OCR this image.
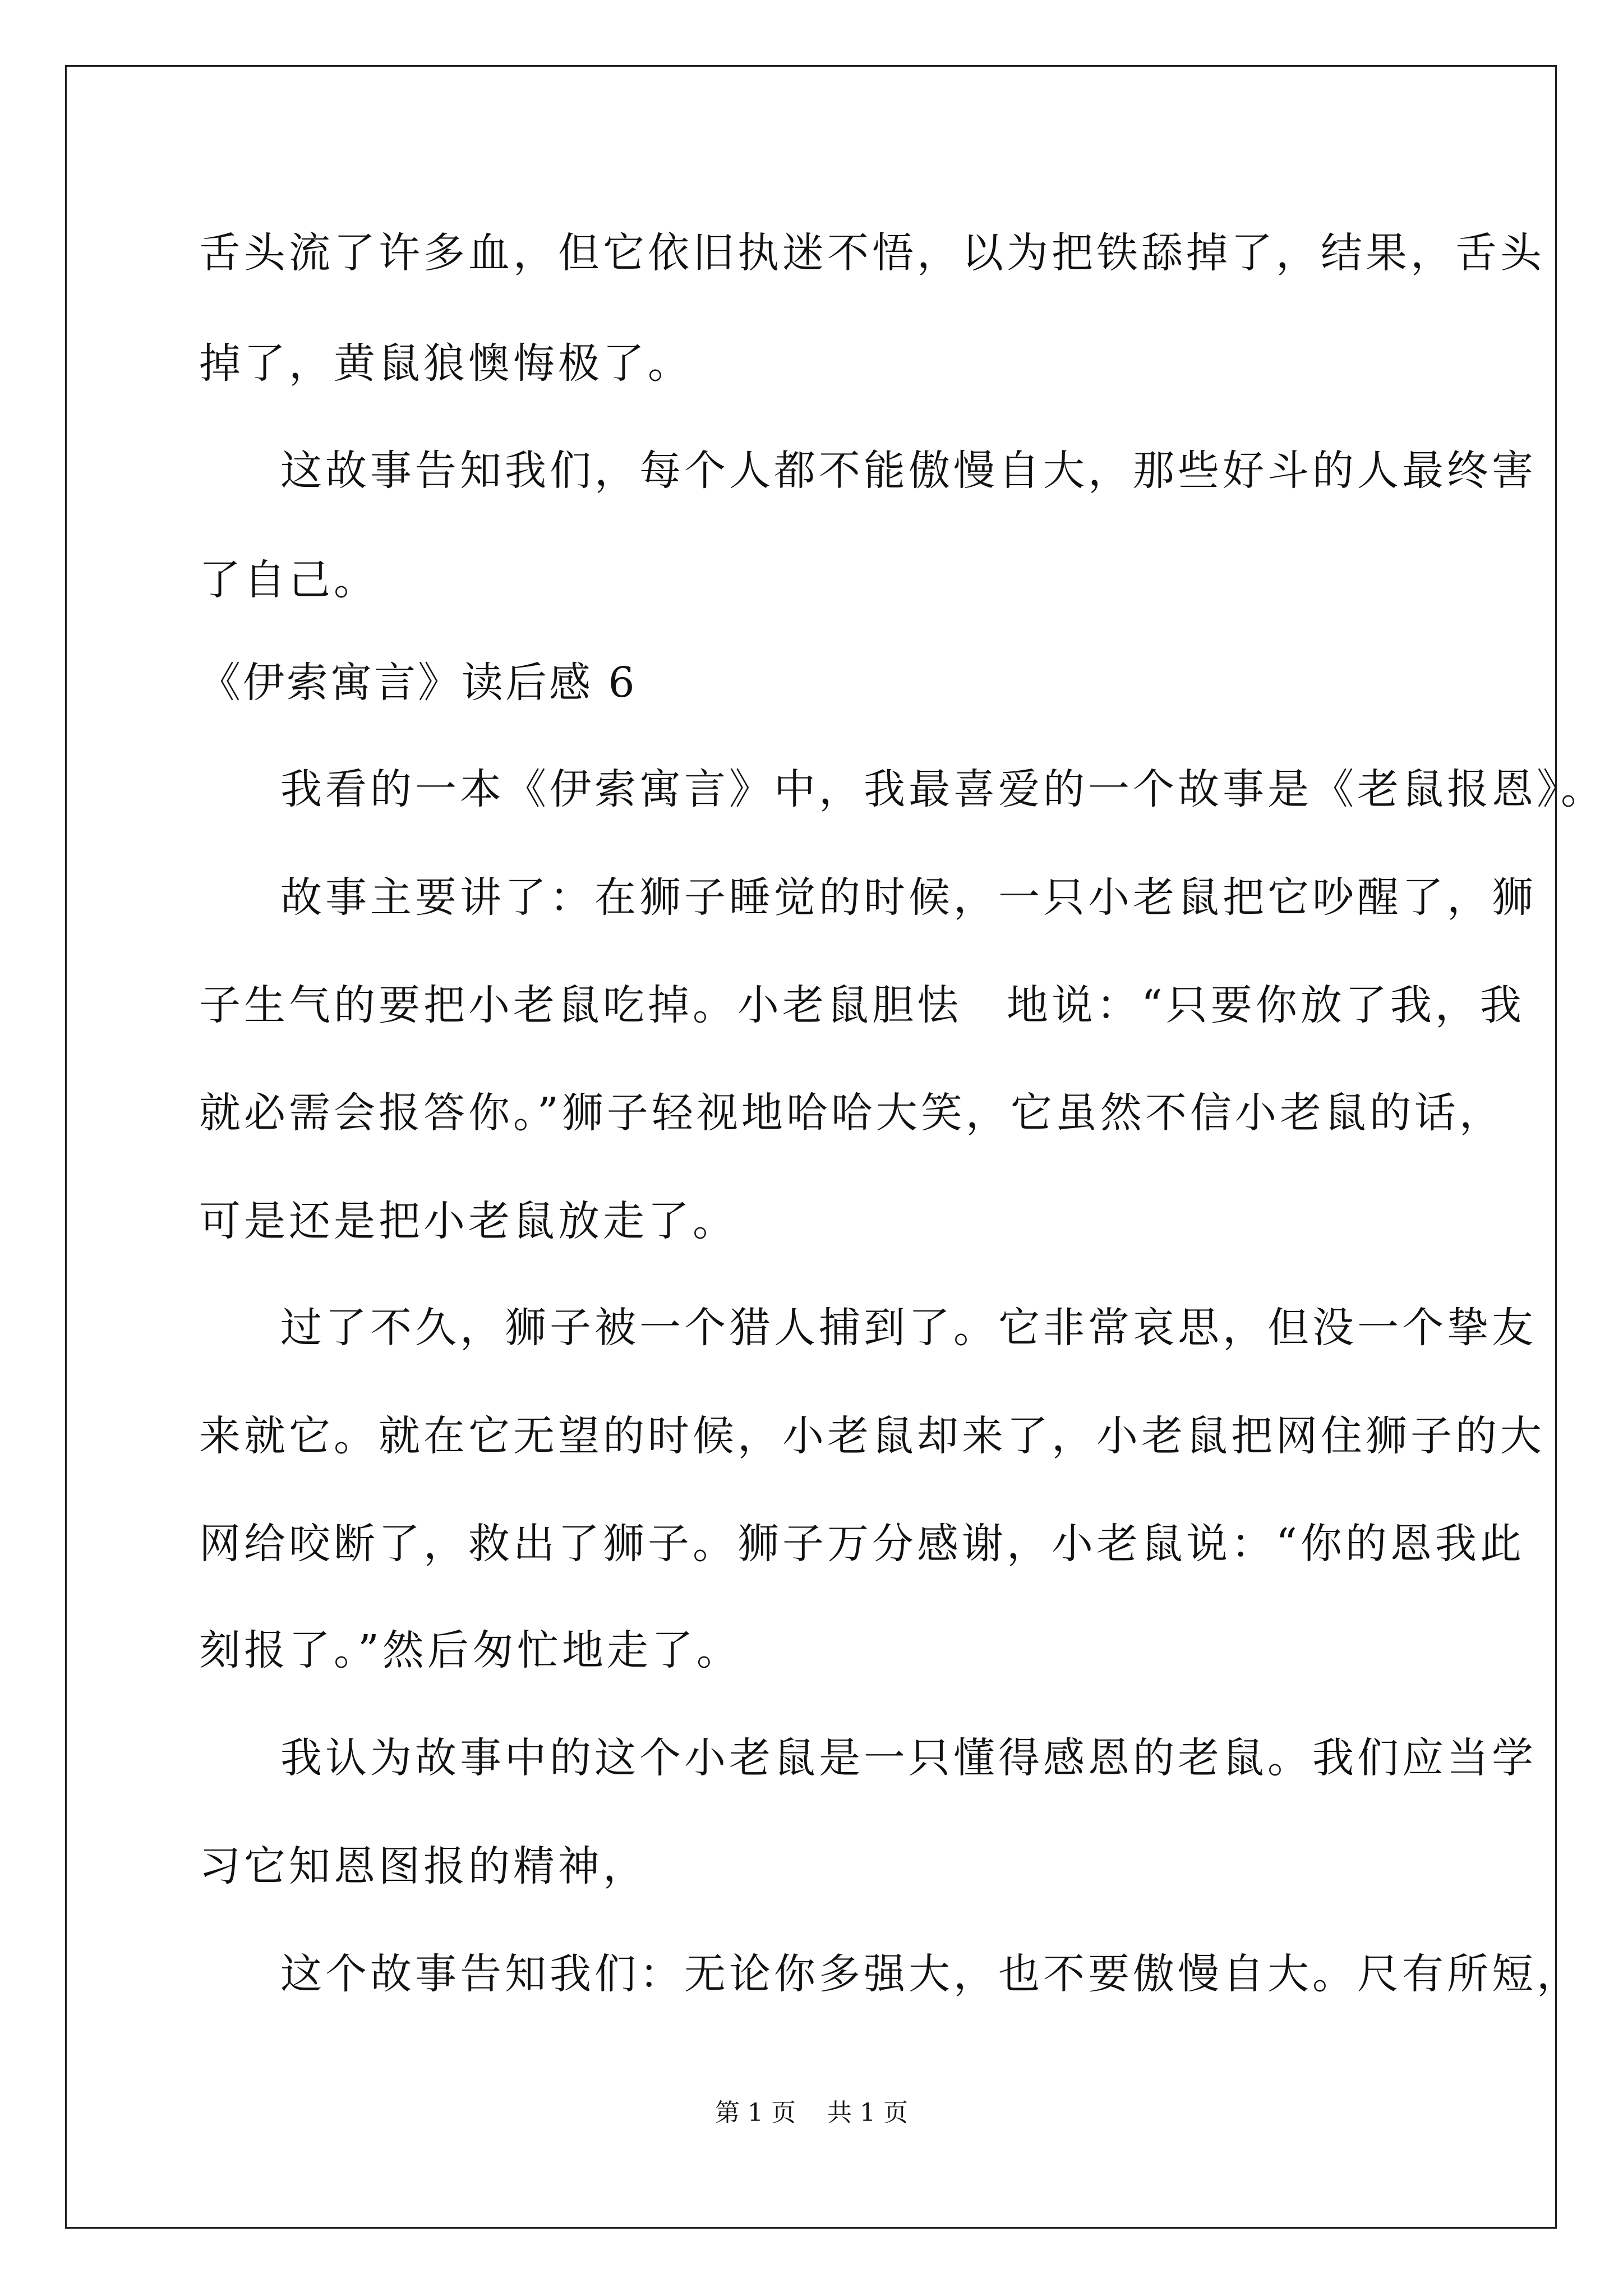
舌头流了许多血，但它依旧执迷不悟，以为把铁舔掉了，结果，舌头
掉了，黄鼠狼懊悔极了。
这故事告知我们，每个人都不能傲慢自大，那些好斗的人最终害
了自己。
《伊索寓言》读后感 6
我看的一本《伊索寓言》中，我最喜爱的一个故事是《老鼠报恩》。
故事主要讲了：在狮子睡觉的时候，一只小老鼠把它吵醒了，狮
子生气的要把小老鼠吃掉。小老鼠胆怯　地说：“只要你放了我，我
就必需会报答你。”狮子轻视地哈哈大笑，它虽然不信小老鼠的话，
可是还是把小老鼠放走了。
过了不久，狮子被一个猎人捕到了。它非常哀思，但没一个挚友
来就它。就在它无望的时候，小老鼠却来了，小老鼠把网住狮子的大
网给咬断了，救出了狮子。狮子万分感谢，小老鼠说：“你的恩我此
刻报了。”然后匆忙地走了。
我认为故事中的这个小老鼠是一只懂得感恩的老鼠。我们应当学
习它知恩图报的精神，
这个故事告知我们：无论你多强大，也不要傲慢自大。尺有所短，
第 1 页 共 1 页
